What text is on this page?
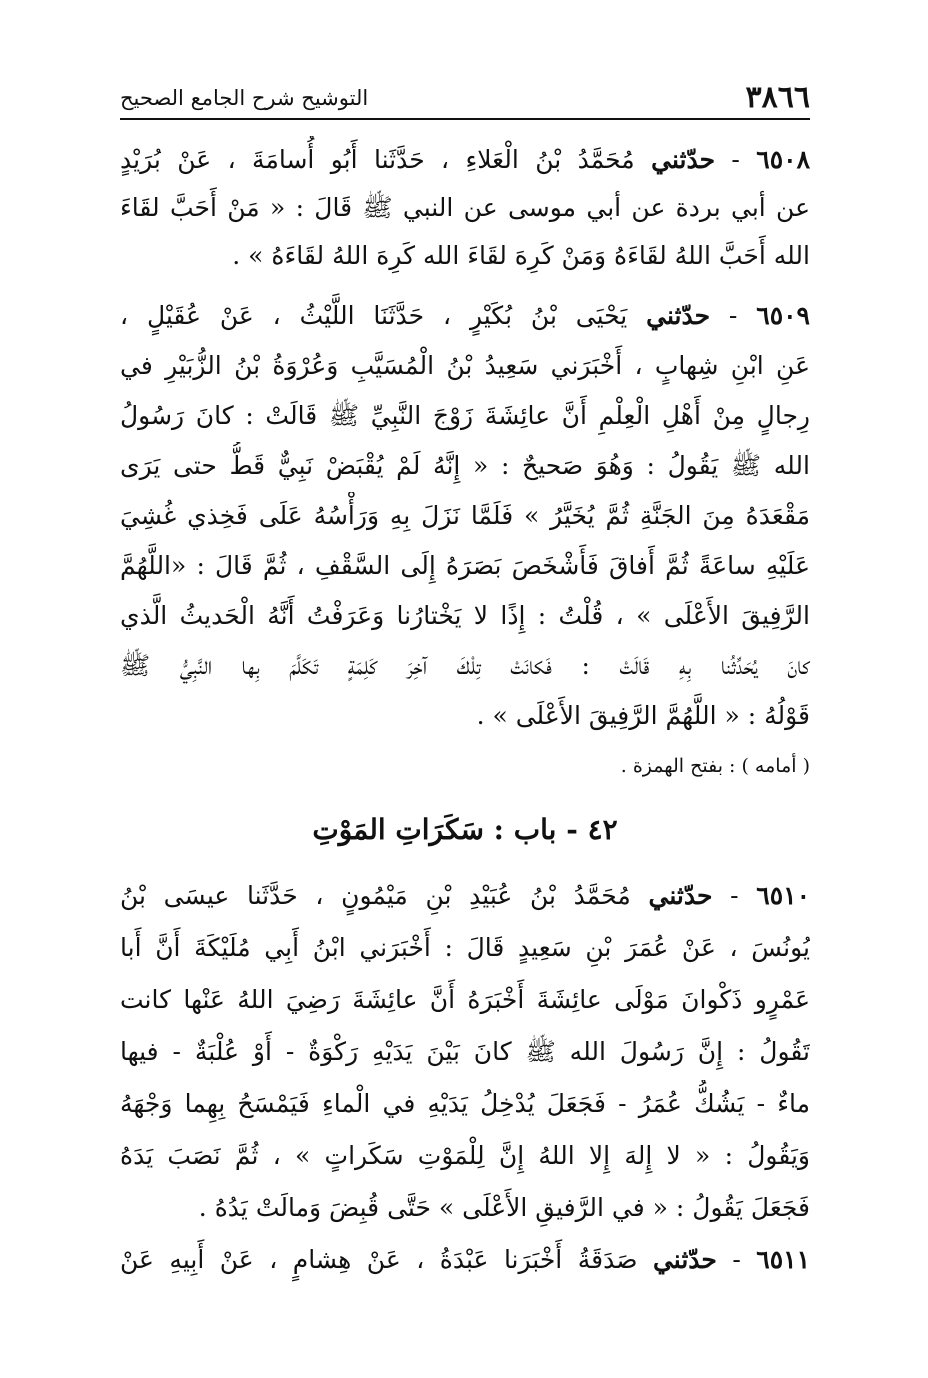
٣٨٦٦
التوشيح شرح الجامع الصحيح
٦٥٠٨ - حدّثني مُحَمَّدُ بْنُ الْعَلاءِ ، حَدَّثَنا أَبُو أُسامَةَ ، عَنْ بُرَيْدٍ
عن أبي بردة عن أبي موسى عن النبي ﷺ قَالَ : « مَنْ أَحَبَّ لقَاءَ
الله أَحَبَّ اللهُ لقَاءَهُ وَمَنْ كَرِهَ لقَاءَ الله كَرِهَ اللهُ لقَاءَهُ » .
٦٥٠٩ - حدّثني يَحْيَى بْنُ بُكَيْرٍ ، حَدَّثَنَا اللَّيْثُ ، عَنْ عُقَيْلٍ ،
عَنِ ابْنِ شِهابٍ ، أَخْبَرَني سَعِيدُ بْنُ الْمُسَيَّبِ وَعُرْوَةُ بْنُ الزُّبَيْرِ في
رِجالٍ مِنْ أَهْلِ الْعِلْمِ أَنَّ عائِشَةَ زَوْجَ النَّبِيِّ ﷺ قَالَتْ : كانَ رَسُولُ
الله ﷺ يَقُولُ : وَهُوَ صَحيحٌ : « إِنَّهُ لَمْ يُقْبَضْ نَبِيٌّ قَطُّ حتى يَرَى
مَقْعَدَهُ مِنَ الجَنَّةِ ثُمَّ يُخَيَّرُ » فَلَمَّا نَزَلَ بِهِ وَرَأْسُهُ عَلَى فَخِذي غُشِيَ
عَلَيْهِ ساعَةً ثُمَّ أَفاقَ فَأَشْخَصَ بَصَرَهُ إِلَى السَّقْفِ ، ثُمَّ قَالَ : «اللَّهُمَّ
الرَّفِيقَ الأَعْلَى » ، قُلْتُ : إِذًا لا يَخْتارُنا وَعَرَفْتُ أَنَّهُ الْحَديثُ الَّذي
كانَ يُحَدِّثُنا بِهِ قَالَتْ : فَكانَتْ تِلْكَ آخِرَ كَلِمَةٍ تَكَلَّمَ بِها النَّبِيُّ ﷺ
قَوْلُهُ : « اللَّهُمَّ الرَّفِيقَ الأَعْلَى » .
( أمامه ) : بفتح الهمزة .
٤٢ - باب : سَكَرَاتِ المَوْتِ
٦٥١٠ - حدّثني مُحَمَّدُ بْنُ عُبَيْدِ بْنِ مَيْمُونٍ ، حَدَّثَنا عيسَى بْنُ
يُونُسَ ، عَنْ عُمَرَ بْنِ سَعِيدٍ قَالَ : أَخْبَرَني ابْنُ أَبِي مُلَيْكَةَ أَنَّ أَبا
عَمْرٍو ذَكْوانَ مَوْلَى عائِشَةَ أَخْبَرَهُ أَنَّ عائِشَةَ رَضِيَ اللهُ عَنْها كانت
تَقُولُ : إِنَّ رَسُولَ الله ﷺ كانَ بَيْنَ يَدَيْهِ رَكْوَةٌ - أَوْ عُلْبَةٌ - فيها
ماءٌ - يَشُكُّ عُمَرُ - فَجَعَلَ يُدْخِلُ يَدَيْهِ في الْماءِ فَيَمْسَحُ بِهِما وَجْهَهُ
وَيَقُولُ : « لا إِلهَ إِلا اللهُ إِنَّ لِلْمَوْتِ سَكَراتٍ » ، ثُمَّ نَصَبَ يَدَهُ
فَجَعَلَ يَقُولُ : « في الرَّفيقِ الأَعْلَى » حَتَّى قُبِضَ وَمالَتْ يَدُهُ .
٦٥١١ - حدّثني صَدَقَةُ أَخْبَرَنا عَبْدَةُ ، عَنْ هِشامٍ ، عَنْ أَبِيهِ عَنْ
